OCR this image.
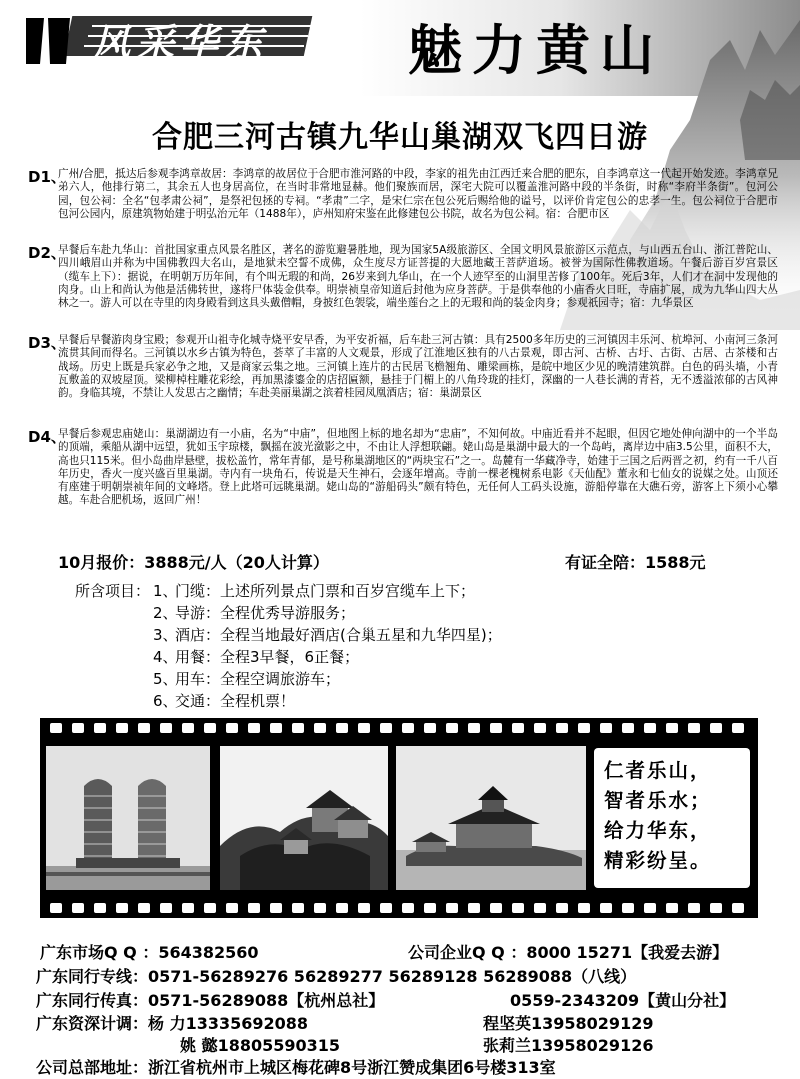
风采华东	魅力黄山
合肥三河古镇九华山巢湖双飞四日游
D1、
广州/合肥，抵达后参观李鸿章故居：李鸿章的故居位于合肥市淮河路的中段，李家的祖先由江西迁来合肥的肥东，自李鸿章这一代起开始发迹。李鸿章兄弟六人，他排行第二，其余五人也身居高位，在当时非常地显赫。他们聚族而居，深宅大院可以覆盖淮河路中段的半条街，时称“李府半条街”。包河公园，包公祠：全名“包孝肃公祠”，是祭祀包拯的专祠。“孝肃”二字，是宋仁宗在包公死后赐给他的谥号，以评价肯定包公的忠孝一生。包公祠位于合肥市包河公园内，原建筑物始建于明弘治元年（1488年），庐州知府宋鉴在此修建包公书院，故名为包公祠。宿：合肥市区
D2、
早餐后车赴九华山：首批国家重点风景名胜区，著名的游览避暑胜地，现为国家5A级旅游区、全国文明风景旅游区示范点，与山西五台山、浙江普陀山、四川峨眉山并称为中国佛教四大名山，是地狱未空誓不成佛，众生度尽方证菩提的大愿地藏王菩萨道场。被誉为国际性佛教道场。午餐后游百岁宫景区（缆车上下）：据说，在明朝万历年间，有个叫无瑕的和尚，26岁来到九华山，在一个人迹罕至的山洞里苦修了100年。死后3年，人们才在洞中发现他的肉身。山上和尚认为他是活佛转世，遂将尸体装金供奉。明崇祯皇帝知道后封他为应身菩萨。于是供奉他的小庙香火日旺，寺庙扩展，成为九华山四大丛林之一。游人可以在寺里的肉身殿看到这具头戴僧帽，身披红色袈裟，端坐莲台之上的无瑕和尚的装金肉身；参观祇园寺；宿：九华景区
D3、
早餐后早餐游肉身宝殿；参观开山祖寺化城寺烧平安早香，为平安祈福，后车赴三河古镇：具有2500多年历史的三河镇因丰乐河、杭埠河、小南河三条河流贯其间而得名。三河镇以水乡古镇为特色，荟萃了丰富的人文观景，形成了江淮地区独有的八古景观，即古河、古桥、古圩、古街、古居、古茶楼和古战场。历史上既是兵家必争之地，又是商家云集之地。三河镇上连片的古民居飞檐翘角、雕梁画栋，是皖中地区少见的晚清建筑群。白色的码头墙，小青瓦敷盖的双坡屋顶。梁柳棹柱雕花彩绘，再加黑漆鎏金的店招匾额，悬挂于门楣上的八角玲珑的挂灯，深幽的一人巷长满的青苔，无不透溢浓郁的古风神韵。身临其境，不禁让人发思古之幽情；车赴美丽巢湖之滨着桂园凤凰酒店；宿：巢湖景区
D4、
早餐后参观忠庙姥山：巢湖湖边有一小庙，名为“中庙”，但地图上标的地名却为“忠庙”，不知何故。中庙近看并不起眼，但因它地处伸向湖中的一个半岛的顶端，乘船从湖中远望，犹如玉宇琼楼，飘摇在波光潋影之中，不由让人浮想联翩。姥山岛是巢湖中最大的一个岛屿，离岸边中庙3.5公里，面积不大，高也只115米。但小岛曲岸悬壁，拔松盖竹，常年青郁，是号称巢湖地区的“两块宝石”之一。岛麓有一华藏净寺，始建于三国之后两晋之初，约有一千八百年历史，香火一度兴盛百里巢湖。寺内有一块角石，传说是天生神石，会逐年增高。寺前一棵老槐树系电影《天仙配》董永和七仙女的说媒之处。山顶还有座建于明朝崇祯年间的文峰塔。登上此塔可远眺巢湖。姥山岛的“游船码头”颇有特色，无任何人工码头设施，游船停靠在大礁石旁，游客上下须小心攀越。车赴合肥机场，返回广州！
10月报价：3888元/人（20人计算）	有证全陪：1588元
所含项目： 1、门缆：上述所列景点门票和百岁宫缆车上下；
2、导游：全程优秀导游服务；
3、酒店：全程当地最好酒店(合巢五星和九华四星)；
4、用餐：全程3早餐，6正餐；
5、用车：全程空调旅游车；
6、交通：全程机票！
仁者乐山，
智者乐水；
给力华东，
精彩纷呈。
广东市场Q Q ：564382560	公司企业Q Q ：8000 15271【我爱去游】
广东同行专线：0571-56289276 56289277 56289128 56289088（八线）
广东同行传真：0571-56289088【杭州总社】	0559-2343209【黄山分社】
广东资深计调：杨 力13335692088	程坚英13958029129
姚 懿18805590315	张莉兰13958029126
公司总部地址：浙江省杭州市上城区梅花碑8号浙江赞成集团6号楼313室
